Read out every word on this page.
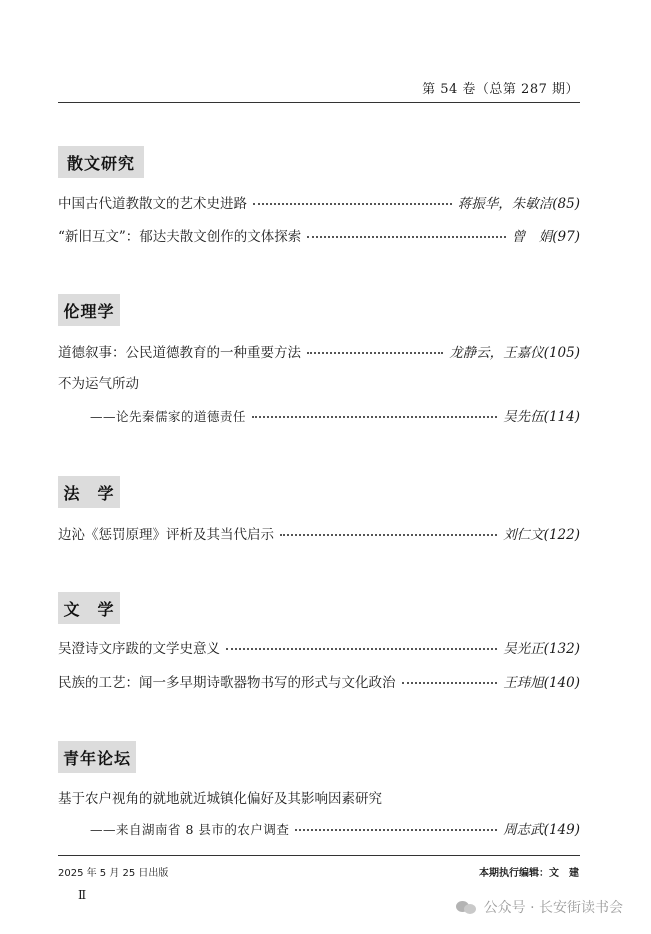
第 54 卷（总第 287 期）
散文研究
中国古代道教散文的艺术史进路	蒋振华，朱敏洁(85)
“新旧互文”：郁达夫散文创作的文体探索	曾　娟(97)
伦理学
道德叙事：公民道德教育的一种重要方法	龙静云，王嘉仪(105)
不为运气所动
——论先秦儒家的道德责任	吴先伍(114)
法　学
边沁《惩罚原理》评析及其当代启示	刘仁文(122)
文　学
吴澄诗文序跋的文学史意义	吴光正(132)
民族的工艺：闻一多早期诗歌器物书写的形式与文化政治	王玮旭(140)
青年论坛
基于农户视角的就地就近城镇化偏好及其影响因素研究
——来自湖南省 8 县市的农户调查	周志武(149)
2025 年 5 月 25 日出版	本期执行编辑：文　建
Ⅱ
公众号 · 长安街读书会
